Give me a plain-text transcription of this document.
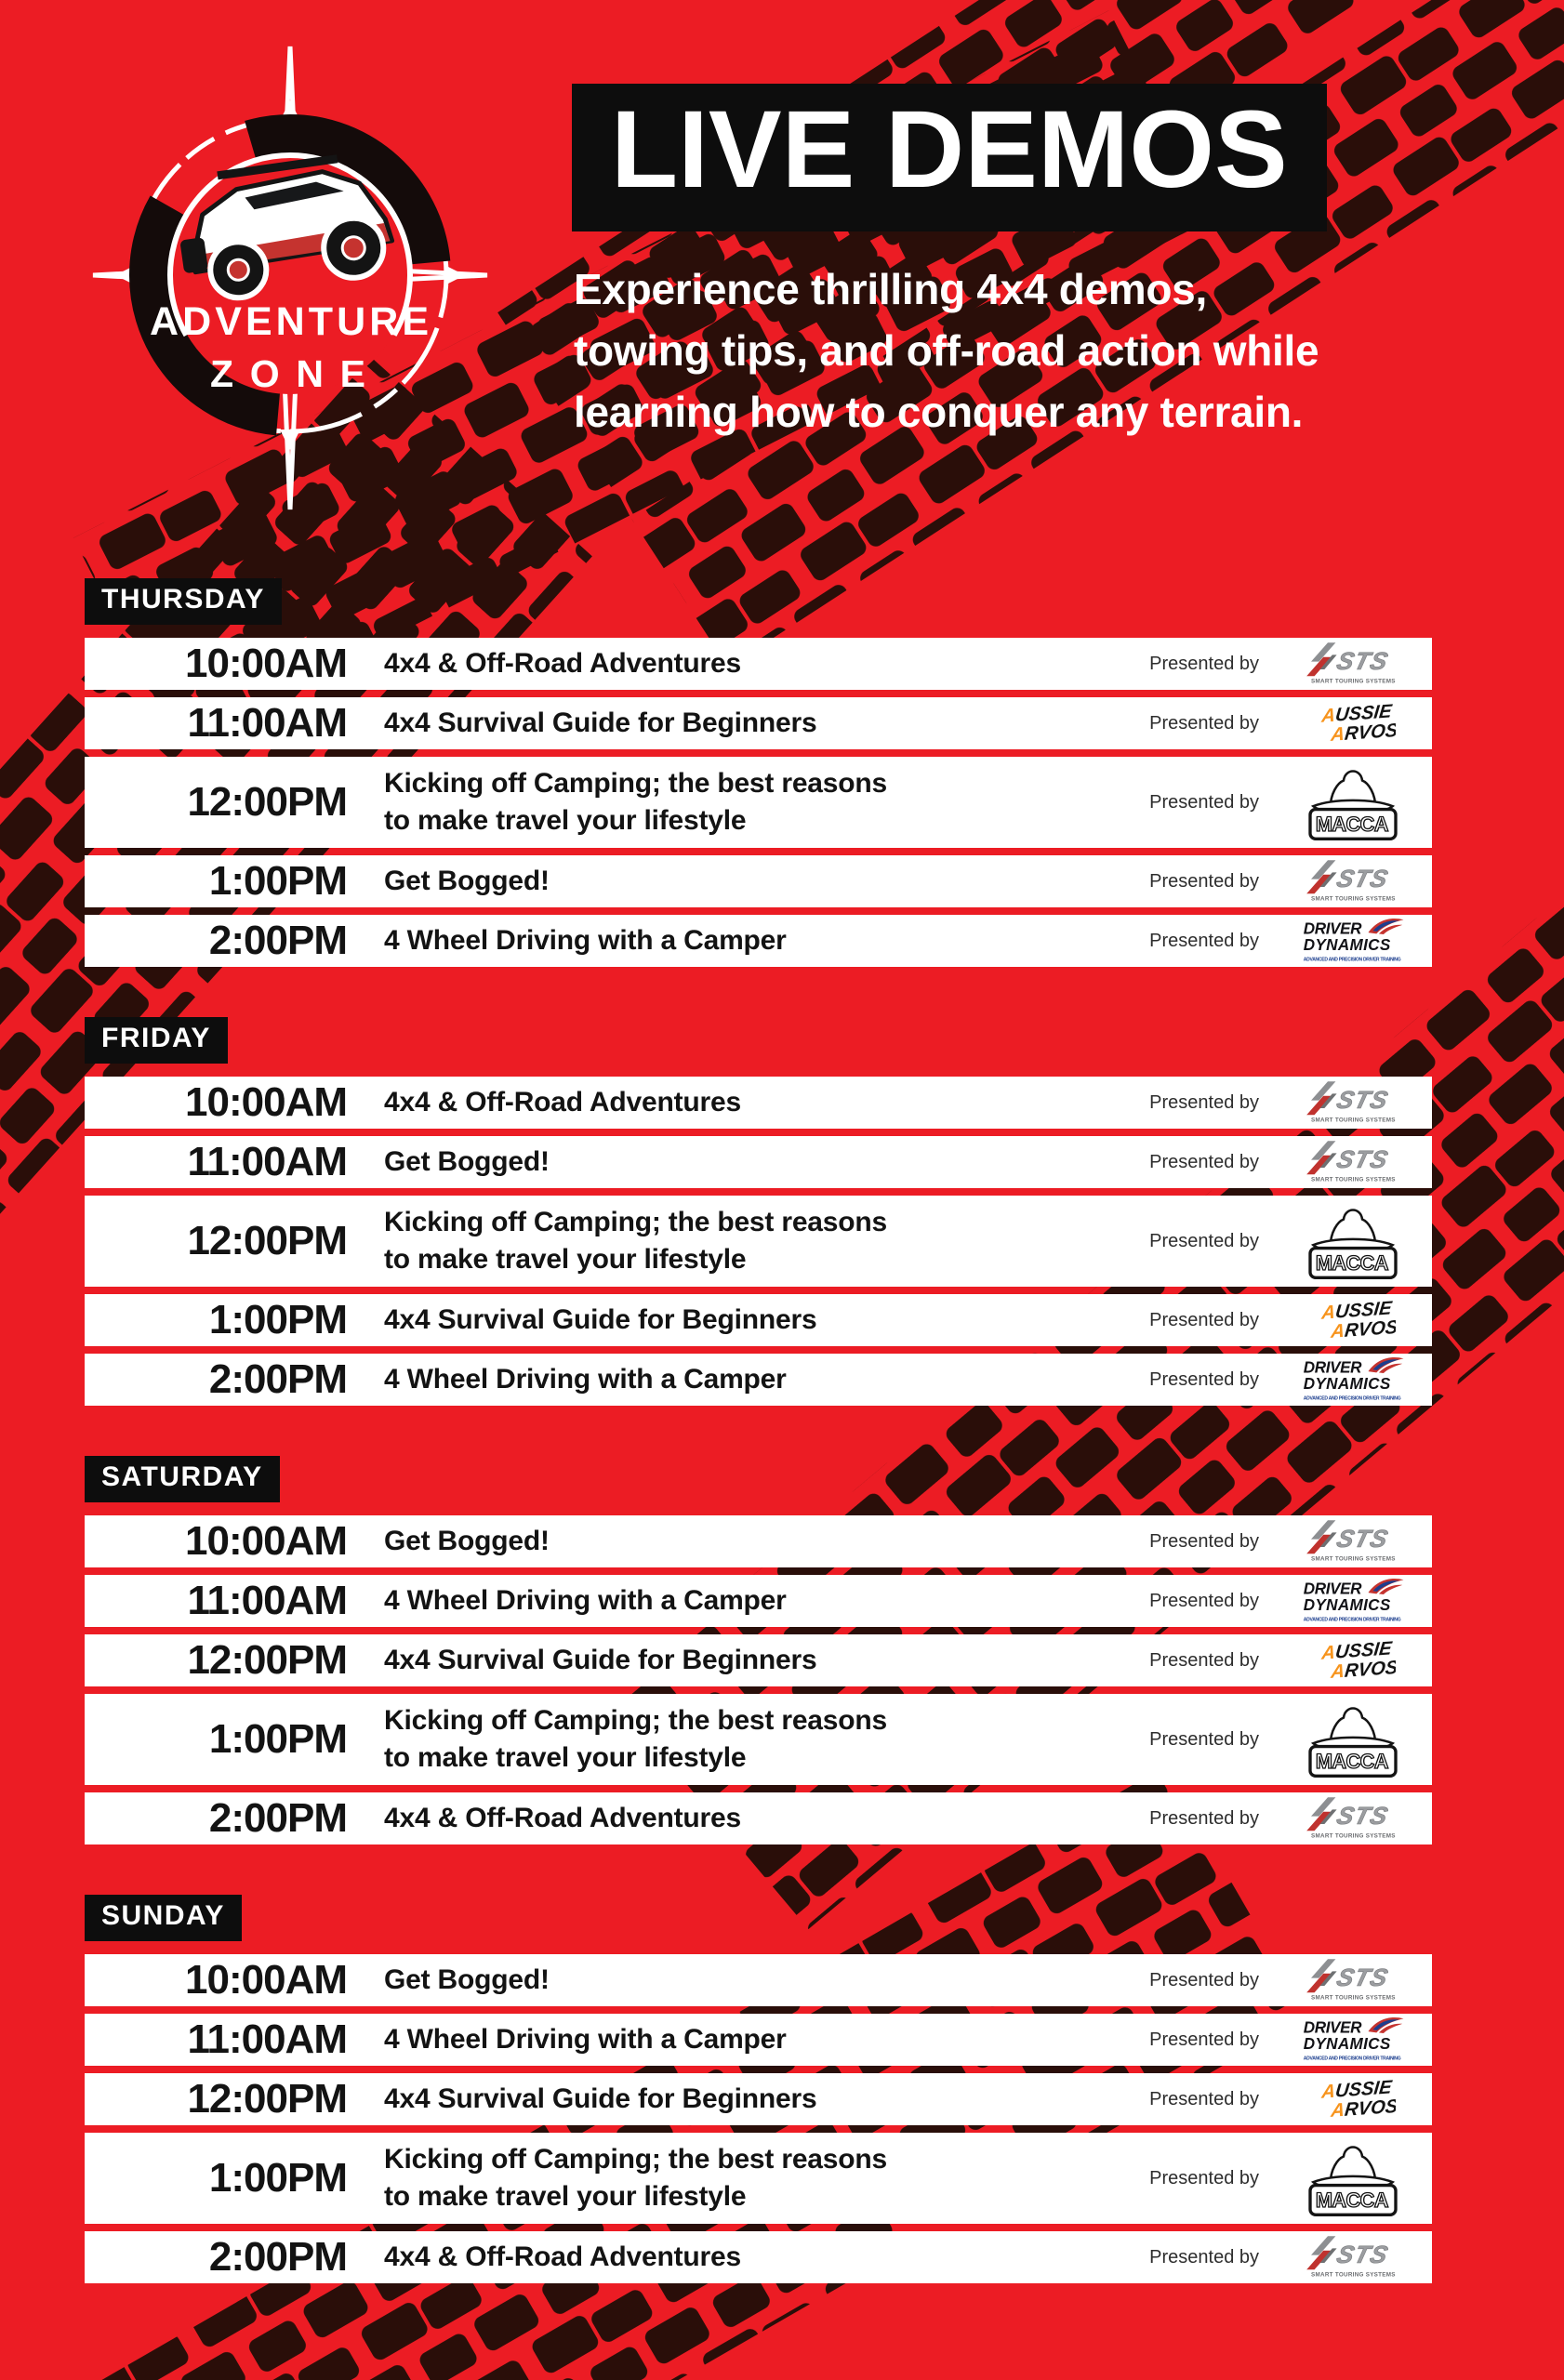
ADVENTURE
ZONE
LIVE DEMOS
Experience thrilling 4x4 demos,
towing tips, and off-road action while
learning how to conquer any terrain.
THURSDAY
10:00AM 4x4 & Off-Road Adventures	Presented by
11:00AM 4x4 Survival Guide for Beginners	Presented by
12:00PM Kicking off Camping; the best reasons
to make travel your lifestyle
Presented by
1:00PM Get Bogged!	Presented by
2:00PM 4 Wheel Driving with a Camper	Presented by
FRIDAY
10:00AM 4x4 & Off-Road Adventures	Presented by
11:00AM Get Bogged!	Presented by
12:00PM Kicking off Camping; the best reasons
to make travel your lifestyle
Presented by
1:00PM 4x4 Survival Guide for Beginners	Presented by
2:00PM 4 Wheel Driving with a Camper	Presented by
SATURDAY
10:00AM Get Bogged!	Presented by
11:00AM 4 Wheel Driving with a Camper	Presented by
12:00PM 4x4 Survival Guide for Beginners	Presented by
1:00PM Kicking off Camping; the best reasons
to make travel your lifestyle
Presented by
2:00PM 4x4 & Off-Road Adventures	Presented by
SUNDAY
10:00AM Get Bogged!	Presented by
11:00AM 4 Wheel Driving with a Camper	Presented by
12:00PM 4x4 Survival Guide for Beginners	Presented by
1:00PM Kicking off Camping; the best reasons
to make travel your lifestyle
Presented by
2:00PM 4x4 & Off-Road Adventures	Presented by
